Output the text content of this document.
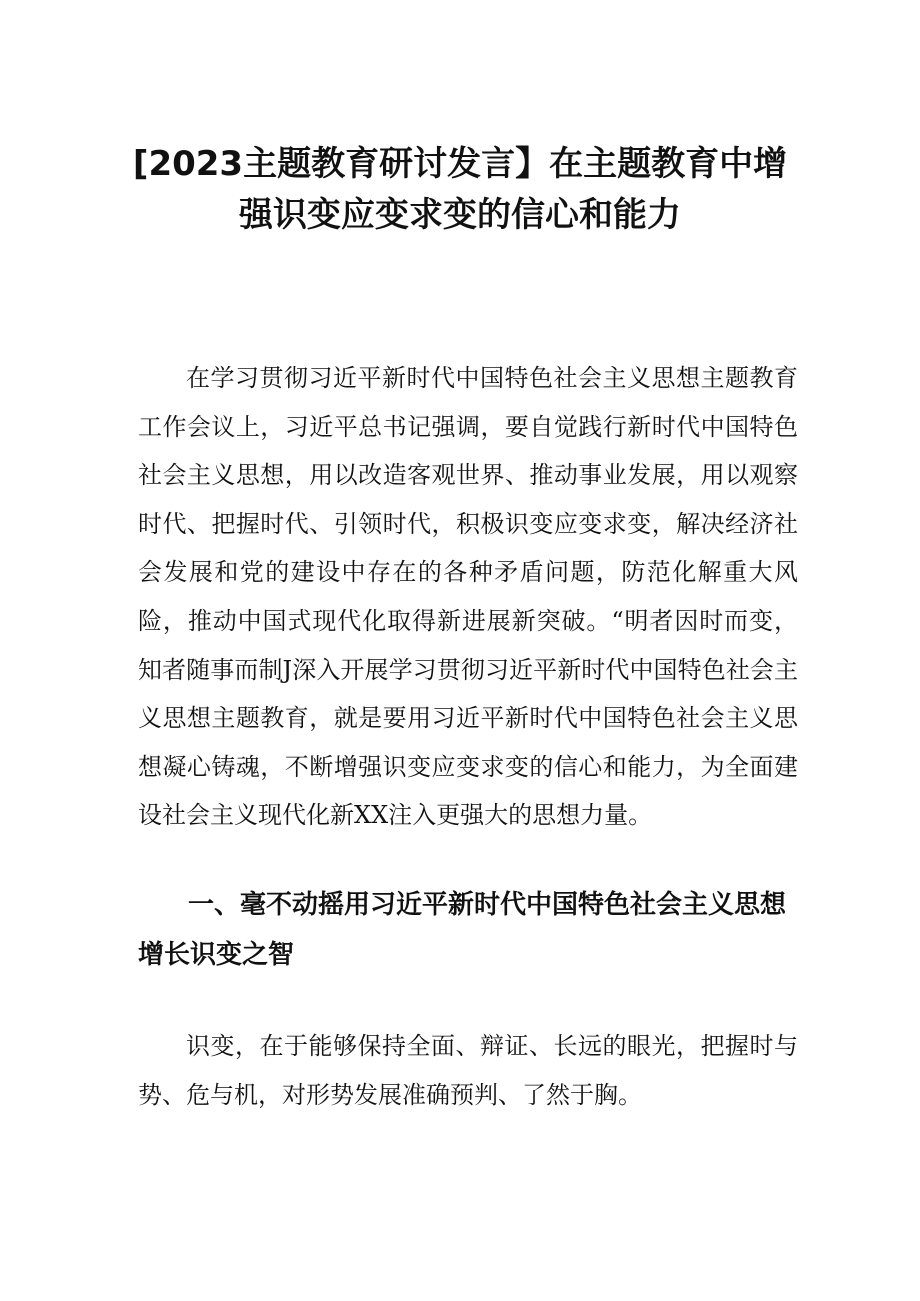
[2023主题教育研讨发言】在主题教育中增
强识变应变求变的信心和能力

在学习贯彻习近平新时代中国特色社会主义思想主题教育工作会议上，习近平总书记强调，要自觉践行新时代中国特色社会主义思想，用以改造客观世界、推动事业发展，用以观察时代、把握时代、引领时代，积极识变应变求变，解决经济社会发展和党的建设中存在的各种矛盾问题，防范化解重大风险，推动中国式现代化取得新进展新突破。“明者因时而变，知者随事而制J深入开展学习贯彻习近平新时代中国特色社会主义思想主题教育，就是要用习近平新时代中国特色社会主义思想凝心铸魂，不断增强识变应变求变的信心和能力，为全面建设社会主义现代化新XX注入更强大的思想力量。

一、毫不动摇用习近平新时代中国特色社会主义思想增长识变之智

识变，在于能够保持全面、辩证、长远的眼光，把握时与势、危与机，对形势发展准确预判、了然于胸。
